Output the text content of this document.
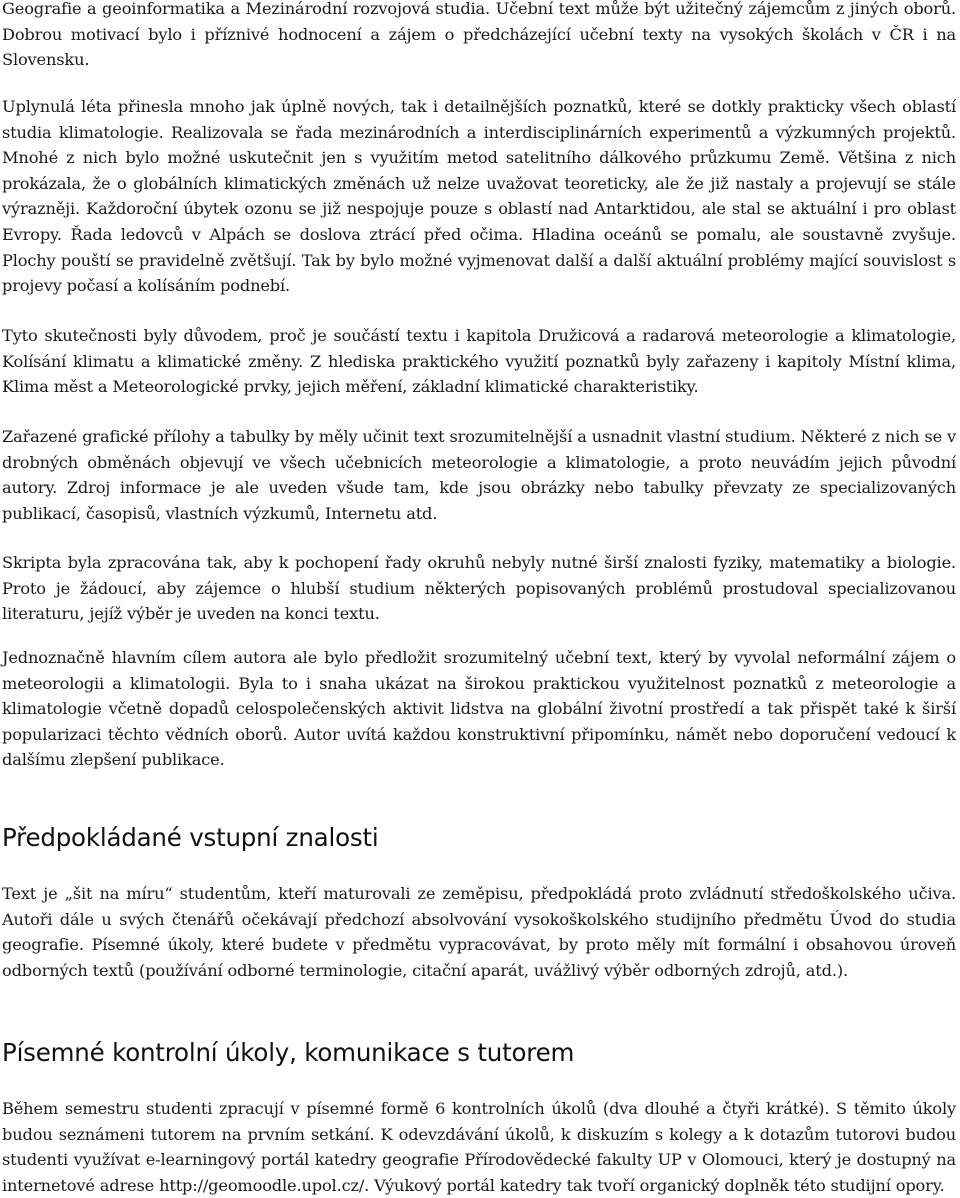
Geografie a geoinformatika a Mezinárodní rozvojová studia. Učební text může být užitečný zájemcům z jiných oborů. Dobrou motivací bylo i příznivé hodnocení a zájem o předcházející učební texty na vysokých školách v ČR i na Slovensku.

Uplynulá léta přinesla mnoho jak úplně nových, tak i detailnějších poznatků, které se dotkly prakticky všech oblastí studia klimatologie. Realizovala se řada mezinárodních a interdisciplinárních experimentů a výzkumných projektů. Mnohé z nich bylo možné uskutečnit jen s využitím metod satelitního dálkového průzkumu Země. Většina z nich prokázala, že o globálních klimatických změnách už nelze uvažovat teoreticky, ale že již nastaly a projevují se stále výrazněji. Každoroční úbytek ozonu se již nespojuje pouze s oblastí nad Antarktidou, ale stal se aktuální i pro oblast Evropy. Řada ledovců v Alpách se doslova ztrácí před očima. Hladina oceánů se pomalu, ale soustavně zvyšuje. Plochy pouští se pravidelně zvětšují. Tak by bylo možné vyjmenovat další a další aktuální problémy mající souvislost s projevy počasí a kolísáním podnebí.

Tyto skutečnosti byly důvodem, proč je součástí textu i kapitola Družicová a radarová meteorologie a klimatologie, Kolísání klimatu a klimatické změny. Z hlediska praktického využití poznatků byly zařazeny i kapitoly Místní klima, Klima měst a Meteorologické prvky, jejich měření, základní klimatické charakteristiky.

Zařazené grafické přílohy a tabulky by měly učinit text srozumitelnější a usnadnit vlastní studium. Některé z nich se v drobných obměnách objevují ve všech učebnicích meteorologie a klimatologie, a proto neuvádím jejich původní autory. Zdroj informace je ale uveden všude tam, kde jsou obrázky nebo tabulky převzaty ze specializovaných publikací, časopisů, vlastních výzkumů, Internetu atd.

Skripta byla zpracována tak, aby k pochopení řady okruhů nebyly nutné širší znalosti fyziky, matematiky a biologie. Proto je žádoucí, aby zájemce o hlubší studium některých popisovaných problémů prostudoval specializovanou literaturu, jejíž výběr je uveden na konci textu.

Jednoznačně hlavním cílem autora ale bylo předložit srozumitelný učební text, který by vyvolal neformální zájem o meteorologii a klimatologii. Byla to i snaha ukázat na širokou praktickou využitelnost poznatků z meteorologie a klimatologie včetně dopadů celospolečenských aktivit lidstva na globální životní prostředí a tak přispět také k širší popularizaci těchto vědních oborů. Autor uvítá každou konstruktivní připomínku, námět nebo doporučení vedoucí k dalšímu zlepšení publikace.

Předpokládané vstupní znalosti

Text je „šit na míru“ studentům, kteří maturovali ze zeměpisu, předpokládá proto zvládnutí středoškolského učiva. Autoři dále u svých čtenářů očekávají předchozí absolvování vysokoškolského studijního předmětu Úvod do studia geografie. Písemné úkoly, které budete v předmětu vypracovávat, by proto měly mít formální i obsahovou úroveň odborných textů (používání odborné terminologie, citační aparát, uvážlivý výběr odborných zdrojů, atd.).

Písemné kontrolní úkoly, komunikace s tutorem

Během semestru studenti zpracují v písemné formě 6 kontrolních úkolů (dva dlouhé a čtyři krátké). S těmito úkoly budou seznámeni tutorem na prvním setkání. K odevzdávání úkolů, k diskuzím s kolegy a k dotazům tutorovi budou studenti využívat e-learningový portál katedry geografie Přírodovědecké fakulty UP v Olomouci, který je dostupný na internetové adrese http://geomoodle.upol.cz/. Výukový portál katedry tak tvoří organický doplněk této studijní opory.
